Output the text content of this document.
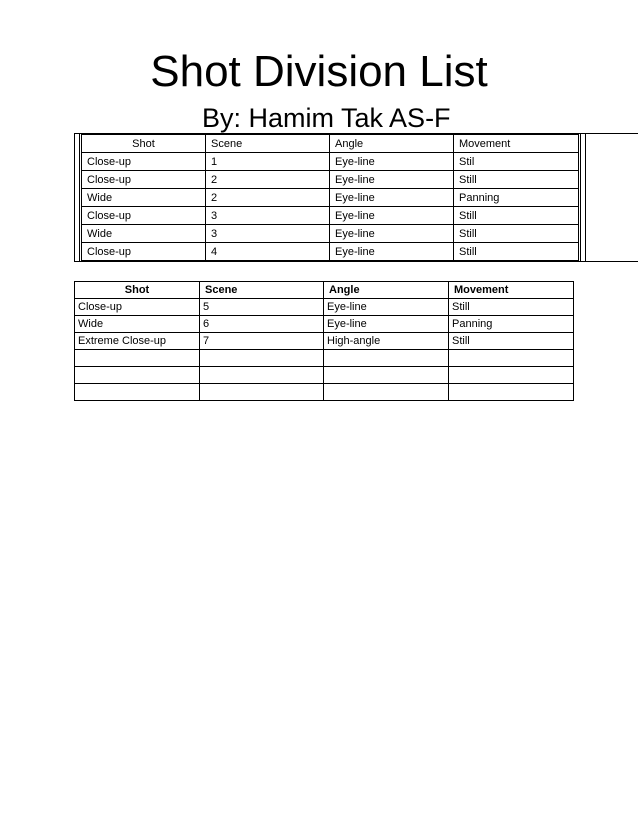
Shot Division List
By: Hamim Tak AS-F
Shot	Scene	Angle	Movement
Close-up	1	Eye-line	Stil
Close-up	2	Eye-line	Still
Wide	2	Eye-line	Panning
Close-up	3	Eye-line	Still
Wide	3	Eye-line	Still
Close-up	4	Eye-line	Still
Shot	Scene	Angle	Movement
Close-up	5	Eye-line	Still
Wide	6	Eye-line	Panning
Extreme Close-up	7	High-angle	Still
